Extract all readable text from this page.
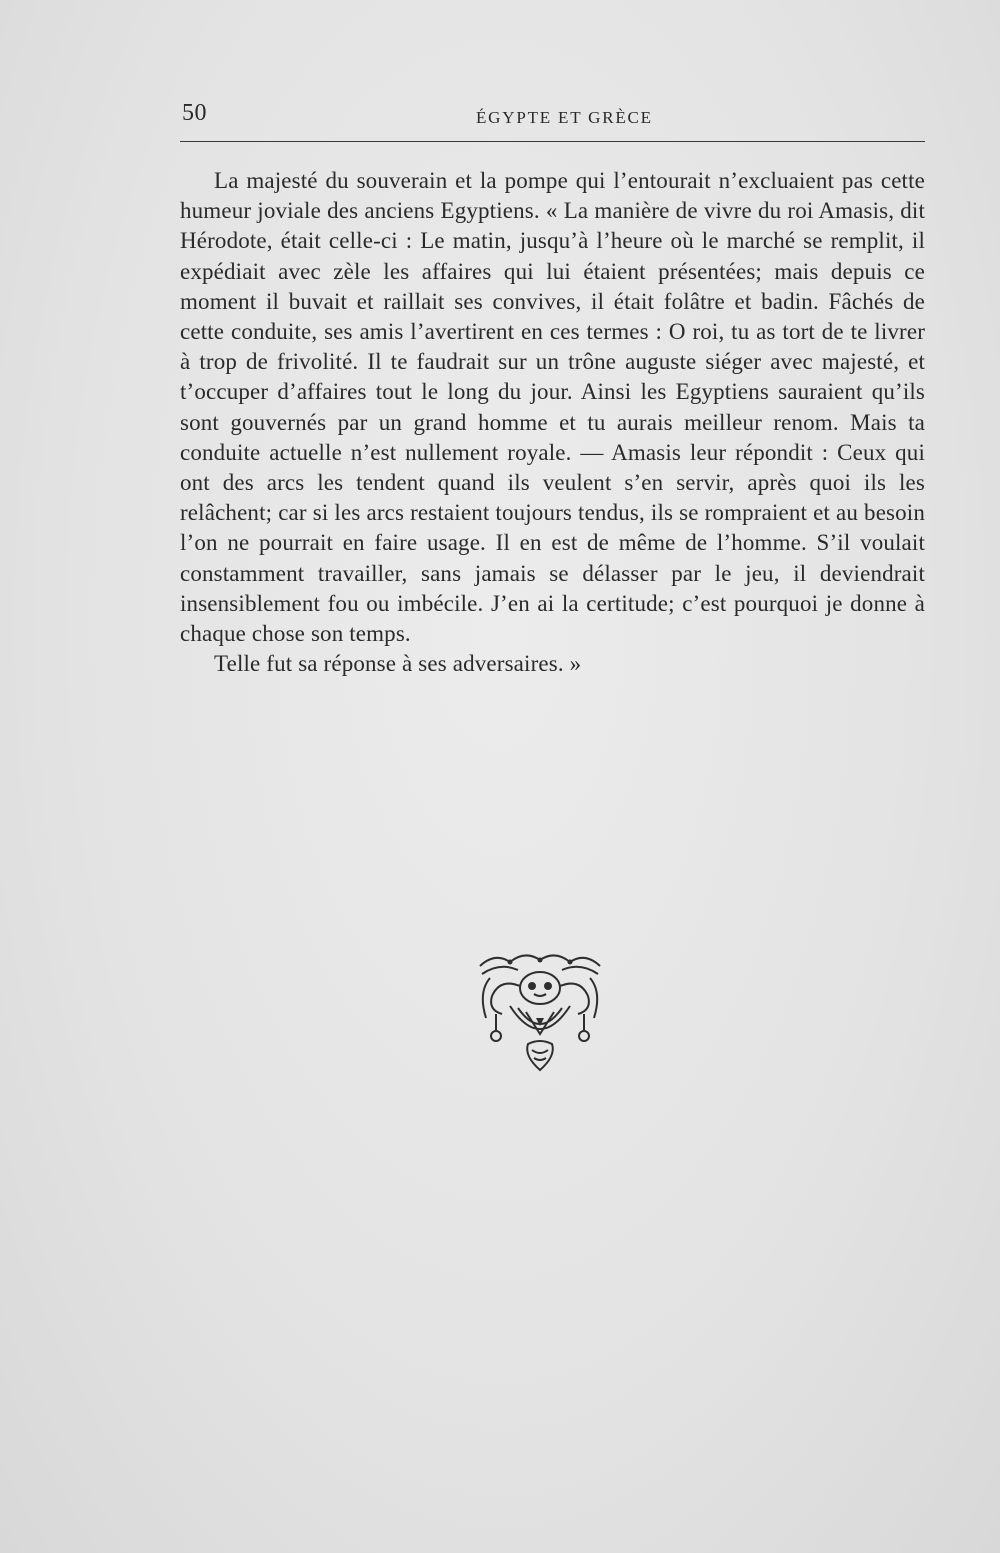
50	ÉGYPTE ET GRÈCE

La majesté du souverain et la pompe qui l’entourait n’excluaient pas cette humeur joviale des anciens Egyptiens. « La manière de vivre du roi Amasis, dit Hérodote, était celle-ci : Le matin, jusqu’à l’heure où le marché se remplit, il expédiait avec zèle les affaires qui lui étaient présentées; mais depuis ce moment il buvait et raillait ses convives, il était folâtre et badin. Fâchés de cette conduite, ses amis l’avertirent en ces termes : O roi, tu as tort de te livrer à trop de frivolité. Il te faudrait sur un trône auguste siéger avec majesté, et t’occuper d’affaires tout le long du jour. Ainsi les Egyptiens sauraient qu’ils sont gouvernés par un grand homme et tu aurais meilleur renom. Mais ta conduite actuelle n’est nullement royale. — Amasis leur répondit : Ceux qui ont des arcs les tendent quand ils veulent s’en servir, après quoi ils les relâchent; car si les arcs restaient toujours tendus, ils se rompraient et au besoin l’on ne pourrait en faire usage. Il en est de même de l’homme. S’il voulait constamment travailler, sans jamais se délasser par le jeu, il deviendrait insensiblement fou ou imbécile. J’en ai la certitude; c’est pourquoi je donne à chaque chose son temps.

Telle fut sa réponse à ses adversaires. »
